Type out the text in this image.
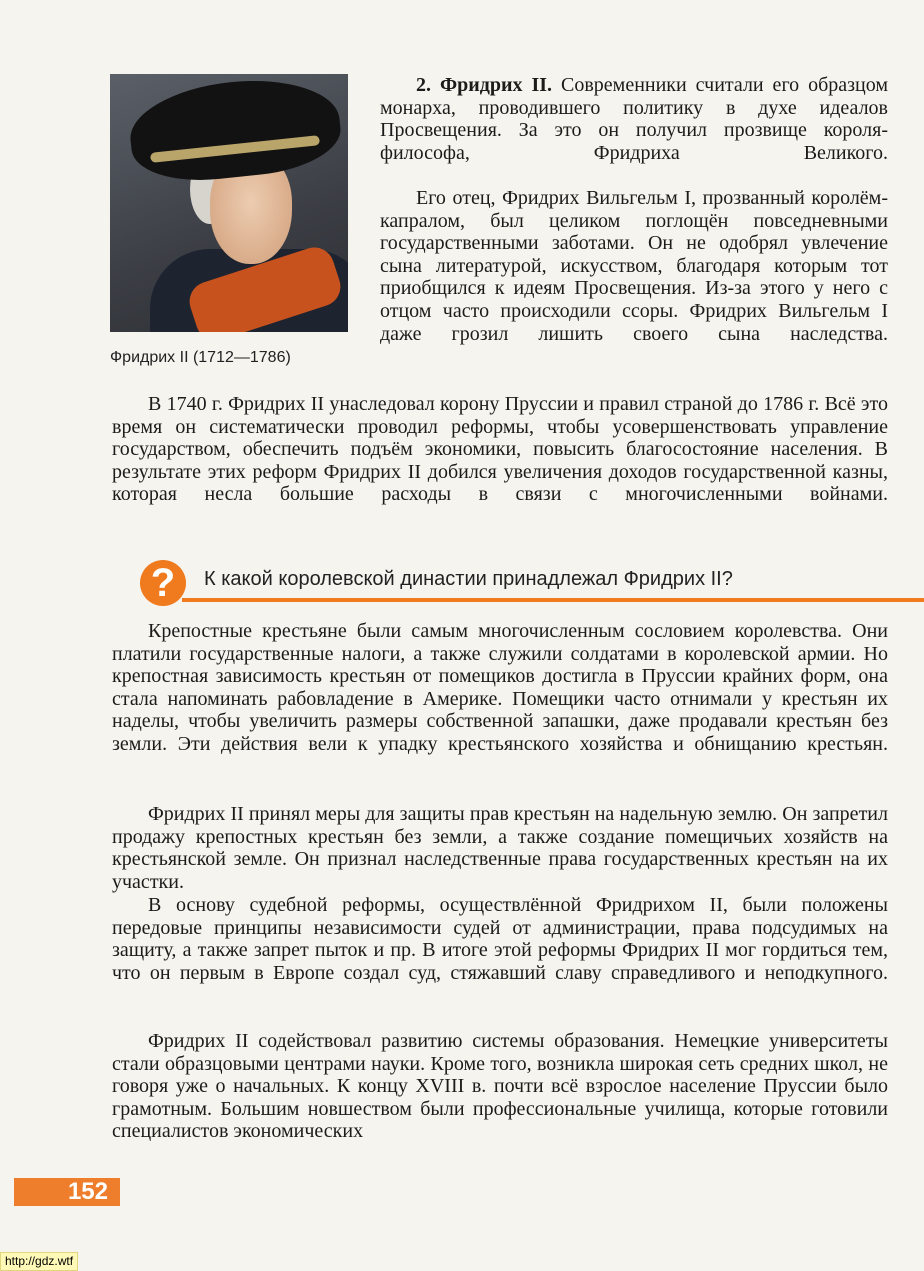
Фридрих II (1712—1786)

2. Фридрих II. Современники считали его образцом монарха, проводившего политику в духе идеалов Просвещения. За это он получил прозвище короля-философа, Фридриха Великого.

Его отец, Фридрих Вильгельм I, прозванный королём-капралом, был целиком поглощён повседневными государственными заботами. Он не одобрял увлечение сына литературой, искусством, благодаря которым тот приобщился к идеям Просвещения. Из-за этого у него с отцом часто происходили ссоры. Фридрих Вильгельм I даже грозил лишить своего сына наследства.

В 1740 г. Фридрих II унаследовал корону Пруссии и правил страной до 1786 г. Всё это время он систематически проводил реформы, чтобы усовершенствовать управление государством, обеспечить подъём экономики, повысить благосостояние населения. В результате этих реформ Фридрих II добился увеличения доходов государственной казны, которая несла большие расходы в связи с многочисленными войнами.

?	К какой королевской династии принадлежал Фридрих II?

Крепостные крестьяне были самым многочисленным сословием королевства. Они платили государственные налоги, а также служили солдатами в королевской армии. Но крепостная зависимость крестьян от помещиков достигла в Пруссии крайних форм, она стала напоминать рабовладение в Америке. Помещики часто отнимали у крестьян их наделы, чтобы увеличить размеры собственной запашки, даже продавали крестьян без земли. Эти действия вели к упадку крестьянского хозяйства и обнищанию крестьян.

Фридрих II принял меры для защиты прав крестьян на надельную землю. Он запретил продажу крепостных крестьян без земли, а также создание помещичьих хозяйств на крестьянской земле. Он признал наследственные права государственных крестьян на их участки.

В основу судебной реформы, осуществлённой Фридрихом II, были положены передовые принципы независимости судей от администрации, права подсудимых на защиту, а также запрет пыток и пр. В итоге этой реформы Фридрих II мог гордиться тем, что он первым в Европе создал суд, стяжавший славу справедливого и неподкупного.

Фридрих II содействовал развитию системы образования. Немецкие университеты стали образцовыми центрами науки. Кроме того, возникла широкая сеть средних школ, не говоря уже о начальных. К концу XVIII в. почти всё взрослое население Пруссии было грамотным. Большим новшеством были профессиональные училища, которые готовили специалистов экономических

152
http://gdz.wtf
